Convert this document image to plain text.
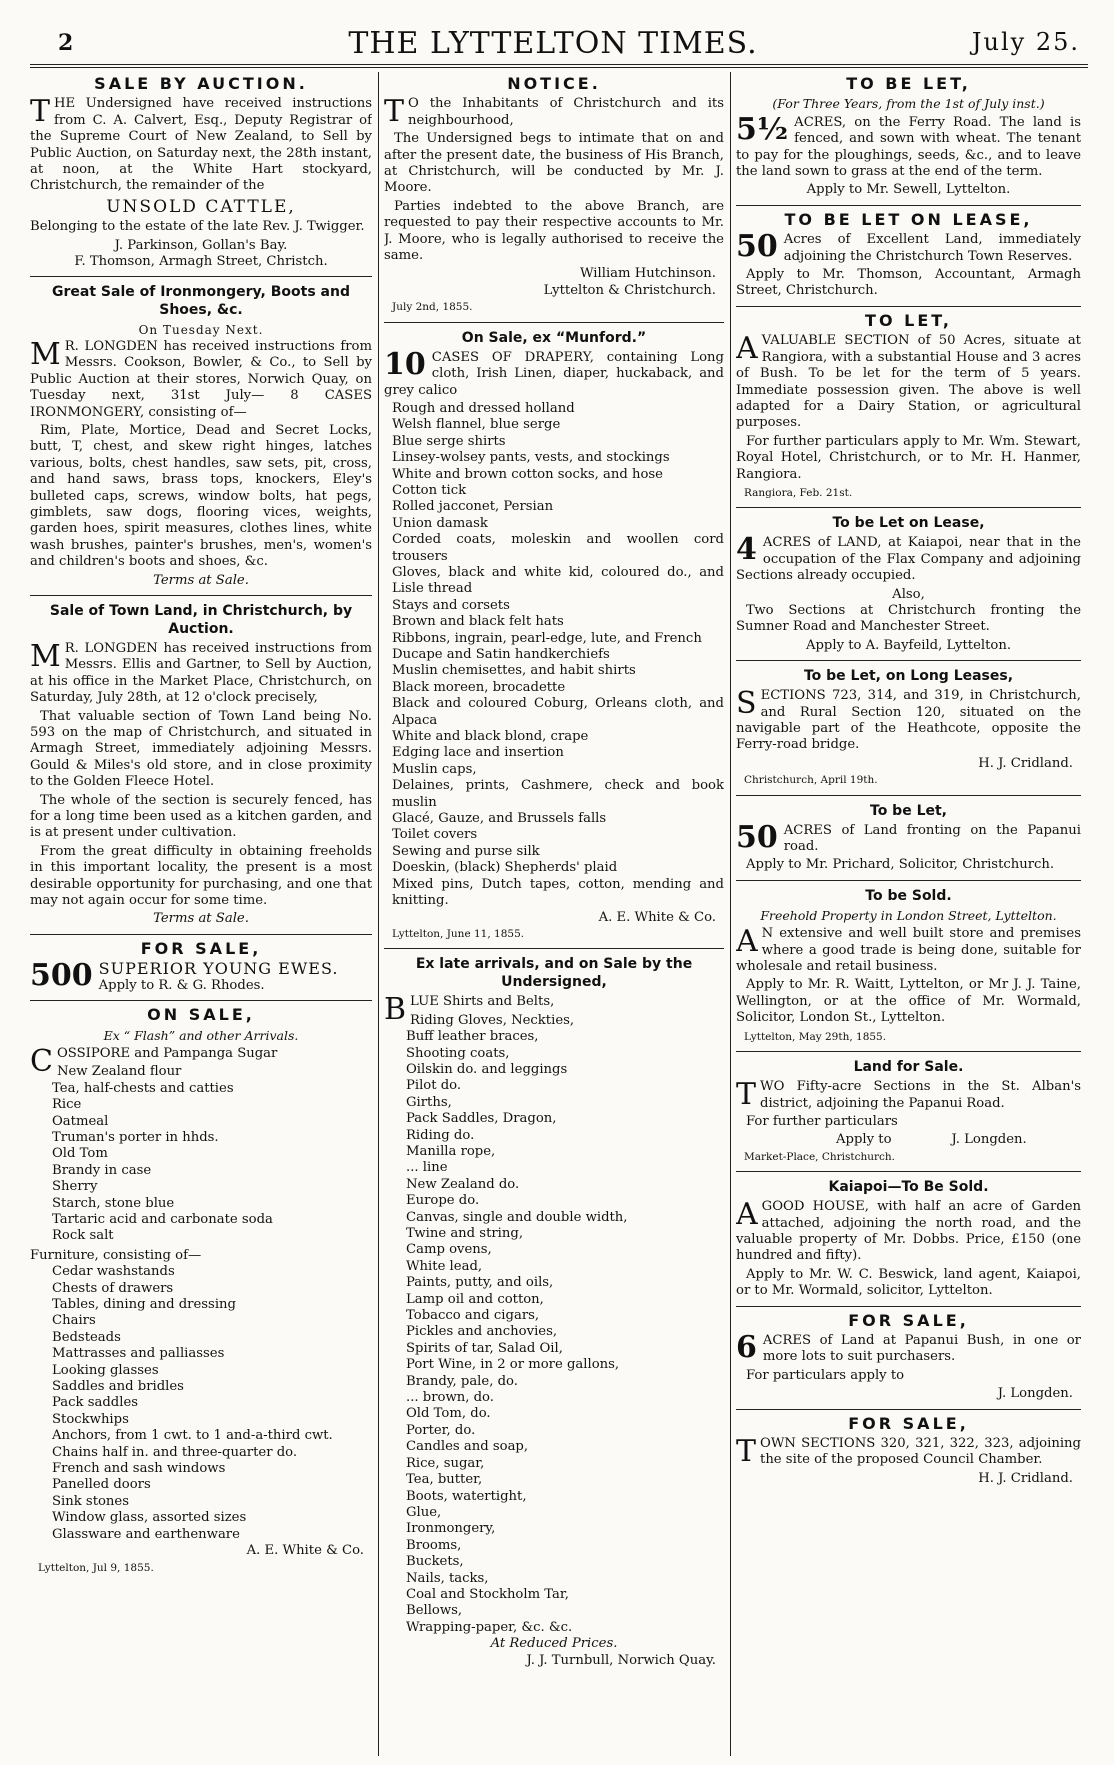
2	THE LYTTELTON TIMES.	July 25.
SALE BY AUCTION.

THE Undersigned have received instructions from C. A. Calvert, Esq., Deputy Registrar of the Supreme Court of New Zealand, to Sell by Public Auction, on Saturday next, the 28th instant, at noon, at the White Hart stockyard, Christchurch, the remainder of the

UNSOLD CATTLE,

Belonging to the estate of the late Rev. J. Twigger.

J. Parkinson, Gollan's Bay.
F. Thomson, Armagh Street, Christch.
Great Sale of Ironmongery, Boots and Shoes, &c.
On Tuesday Next.

M R. LONGDEN has received instructions from Messrs. Cookson, Bowler, & Co., to Sell by Public Auction at their stores, Norwich Quay, on Tuesday next, 31st July— 8 CASES IRONMONGERY, consisting of—

Rim, Plate, Mortice, Dead and Secret Locks, butt, T, chest, and skew right hinges, latches various, bolts, chest handles, saw sets, pit, cross, and hand saws, brass tops, knockers, Eley's bulleted caps, screws, window bolts, hat pegs, gimblets, saw dogs, flooring vices, weights, garden hoes, spirit measures, clothes lines, white wash brushes, painter's brushes, men's, women's and children's boots and shoes, &c.

Terms at Sale.
Sale of Town Land, in Christchurch, by Auction.

M R. LONGDEN has received instructions from Messrs. Ellis and Gartner, to Sell by Auction, at his office in the Market Place, Christchurch, on Saturday, July 28th, at 12 o'clock precisely,

That valuable section of Town Land being No. 593 on the map of Christchurch, and situated in Armagh Street, immediately adjoining Messrs. Gould & Miles's old store, and in close proximity to the Golden Fleece Hotel.

The whole of the section is securely fenced, has for a long time been used as a kitchen garden, and is at present under cultivation.

From the great difficulty in obtaining freeholds in this important locality, the present is a most desirable opportunity for purchasing, and one that may not again occur for some time.

Terms at Sale.
FOR SALE,
500 SUPERIOR YOUNG EWES.
Apply to R. & G. Rhodes.
ON SALE,
Ex “ Flash” and other Arrivals.

COSSIPORE and Pampanga Sugar

New Zealand flour
Tea, half-chests and catties
Rice
Oatmeal
Truman's porter in hhds.
Old Tom
Brandy in case
Sherry
Starch, stone blue
Tartaric acid and carbonate soda
Rock salt
Furniture, consisting of—
Cedar washstands
Chests of drawers
Tables, dining and dressing
Chairs
Bedsteads
Mattrasses and palliasses
Looking glasses
Saddles and bridles
Pack saddles
Stockwhips
Anchors, from 1 cwt. to 1 and-a-third cwt.
Chains half in. and three-quarter do.
French and sash windows
Panelled doors
Sink stones
Window glass, assorted sizes
Glassware and earthenware
A. E. White & Co.
Lyttelton, Jul 9, 1855.
NOTICE.

T O the Inhabitants of Christchurch and its neighbourhood,

The Undersigned begs to intimate that on and after the present date, the business of His Branch, at Christchurch, will be conducted by Mr. J. Moore.

Parties indebted to the above Branch, are requested to pay their respective accounts to Mr. J. Moore, who is legally authorised to receive the same.

William Hutchinson.
Lyttelton & Christchurch.
July 2nd, 1855.
On Sale, ex “Munford.”

10 CASES OF DRAPERY, containing Long cloth, Irish Linen, diaper, huckaback, and grey calico

Rough and dressed holland
Welsh flannel, blue serge
Blue serge shirts
Linsey-wolsey pants, vests, and stockings
White and brown cotton socks, and hose
Cotton tick
Rolled jacconet, Persian
Union damask
Corded coats, moleskin and woollen cord trousers
Gloves, black and white kid, coloured do., and Lisle thread
Stays and corsets
Brown and black felt hats
Ribbons, ingrain, pearl-edge, lute, and French
Ducape and Satin handkerchiefs
Muslin chemisettes, and habit shirts
Black moreen, brocadette
Black and coloured Coburg, Orleans cloth, and Alpaca
White and black blond, crape
Edging lace and insertion
Muslin caps,
Delaines, prints, Cashmere, check and book muslin
Glacé, Gauze, and Brussels falls
Toilet covers
Sewing and purse silk
Doeskin, (black) Shepherds' plaid
Mixed pins, Dutch tapes, cotton, mending and knitting.
A. E. White & Co.
Lyttelton, June 11, 1855.
Ex late arrivals, and on Sale by the Undersigned,

BLUE Shirts and Belts,

Riding Gloves, Neckties,
Buff leather braces,
Shooting coats,
Oilskin do. and leggings
Pilot do.
Girths,
Pack Saddles, Dragon,
Riding do.
Manilla rope,
... line
New Zealand do.
Europe do.
Canvas, single and double width,
Twine and string,
Camp ovens,
White lead,
Paints, putty, and oils,
Lamp oil and cotton,
Tobacco and cigars,
Pickles and anchovies,
Spirits of tar, Salad Oil,
Port Wine, in 2 or more gallons,
Brandy, pale, do.
... brown, do.
Old Tom, do.
Porter, do.
Candles and soap,
Rice, sugar,
Tea, butter,
Boots, watertight,
Glue,
Ironmongery,
Brooms,
Buckets,
Nails, tacks,
Coal and Stockholm Tar,
Bellows,
Wrapping-paper, &c. &c.
At Reduced Prices.
J. J. Turnbull, Norwich Quay.
TO BE LET,
(For Three Years, from the 1st of July inst.)

5½ ACRES, on the Ferry Road. The land is fenced, and sown with wheat. The tenant to pay for the ploughings, seeds, &c., and to leave the land sown to grass at the end of the term.

Apply to Mr. Sewell, Lyttelton.
TO BE LET ON LEASE,

50 Acres of Excellent Land, immediately adjoining the Christchurch Town Reserves.

Apply to Mr. Thomson, Accountant, Armagh Street, Christchurch.

TO LET,

AVALUABLE SECTION of 50 Acres, situate at Rangiora, with a substantial House and 3 acres of Bush. To be let for the term of 5 years. Immediate possession given. The above is well adapted for a Dairy Station, or agricultural purposes.

For further particulars apply to Mr. Wm. Stewart, Royal Hotel, Christchurch, or to Mr. H. Hanmer, Rangiora.

Rangiora, Feb. 21st.
To be Let on Lease,

4 ACRES of LAND, at Kaiapoi, near that in the occupation of the Flax Company and adjoining Sections already occupied.

Also,

Two Sections at Christchurch fronting the Sumner Road and Manchester Street.

Apply to A. Bayfeild, Lyttelton.
To be Let, on Long Leases,

SECTIONS 723, 314, and 319, in Christchurch, and Rural Section 120, situated on the navigable part of the Heathcote, opposite the Ferry-road bridge.

H. J. Cridland.
Christchurch, April 19th.
To be Let,

50 ACRES of Land fronting on the Papanui road.

Apply to Mr. Prichard, Solicitor, Christchurch.

To be Sold.
Freehold Property in London Street, Lyttelton.

A N extensive and well built store and premises where a good trade is being done, suitable for wholesale and retail business.

Apply to Mr. R. Waitt, Lyttelton, or Mr J. J. Taine, Wellington, or at the office of Mr. Wormald, Solicitor, London St., Lyttelton.

Lyttelton, May 29th, 1855.
Land for Sale.

TWO Fifty-acre Sections in the St. Alban's district, adjoining the Papanui Road.

For further particulars

Apply to	J. Longden.
Market-Place, Christchurch.
Kaiapoi—To Be Sold.

AGOOD HOUSE, with half an acre of Garden attached, adjoining the north road, and the valuable property of Mr. Dobbs. Price, £150 (one hundred and fifty).

Apply to Mr. W. C. Beswick, land agent, Kaiapoi, or to Mr. Wormald, solicitor, Lyttelton.

FOR SALE,

6 ACRES of Land at Papanui Bush, in one or more lots to suit purchasers.

For particulars apply to

J. Longden.
FOR SALE,

TOWN SECTIONS 320, 321, 322, 323, adjoining the site of the proposed Council Chamber.

H. J. Cridland.
